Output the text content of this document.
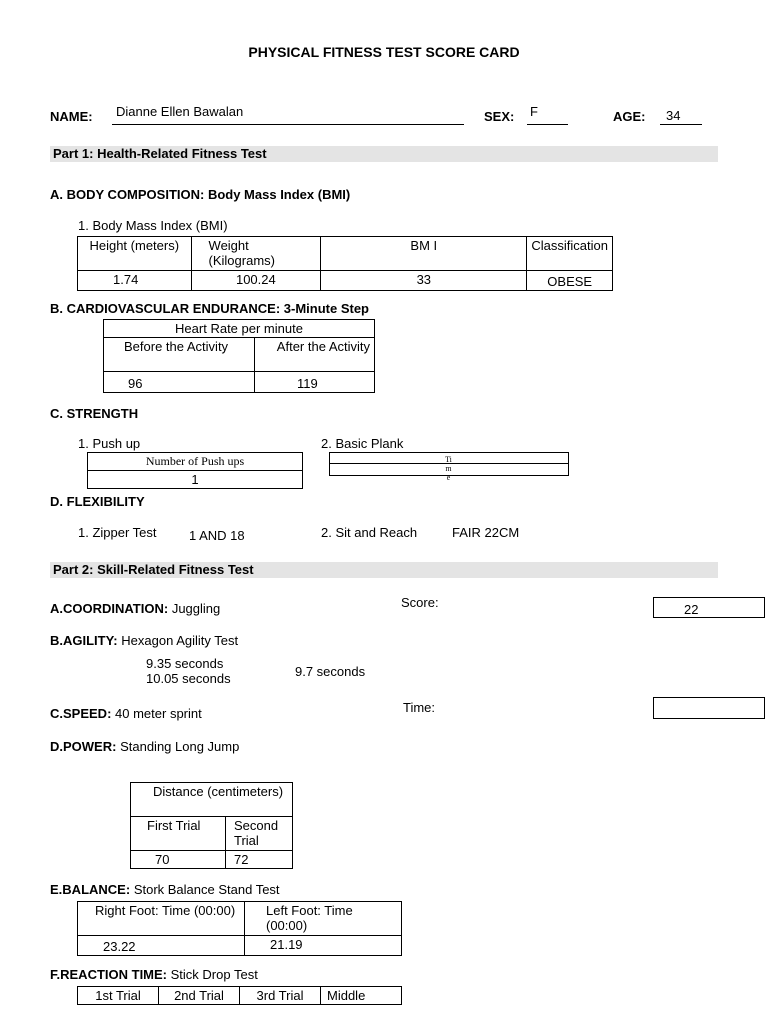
PHYSICAL FITNESS TEST SCORE CARD
NAME: Dianne Ellen Bawalan	SEX: F	AGE: 34
Part 1: Health-Related Fitness Test
A. BODY COMPOSITION: Body Mass Index (BMI)
1. Body Mass Index (BMI)
Height (meters)	Weight (Kilograms)	BM I	Classification
1.74	100.24	33	OBESE
B. CARDIOVASCULAR ENDURANCE: 3-Minute Step
Heart Rate per minute	
Before the Activity	After the Activity
96	119
C. STRENGTH
1. Push up
Number of Push ups
1
2. Basic Plank
Time
D. FLEXIBILITY
1. Zipper Test 1 AND 18	2. Sit and Reach	FAIR 22CM
Part 2: Skill-Related Fitness Test
A.COORDINATION: Juggling	Score:	22
B.AGILITY: Hexagon Agility Test
9.35 seconds
10.05 seconds	9.7 seconds
C.SPEED: 40 meter sprint	Time:
D.POWER: Standing Long Jump
Distance (centimeters)	
First Trial	Second Trial
70	72
E.BALANCE: Stork Balance Stand Test
Right Foot: Time (00:00)	Left Foot: Time (00:00)
23.22	21.19
F.REACTION TIME: Stick Drop Test
1st Trial	2nd Trial	3rd Trial	Middle
